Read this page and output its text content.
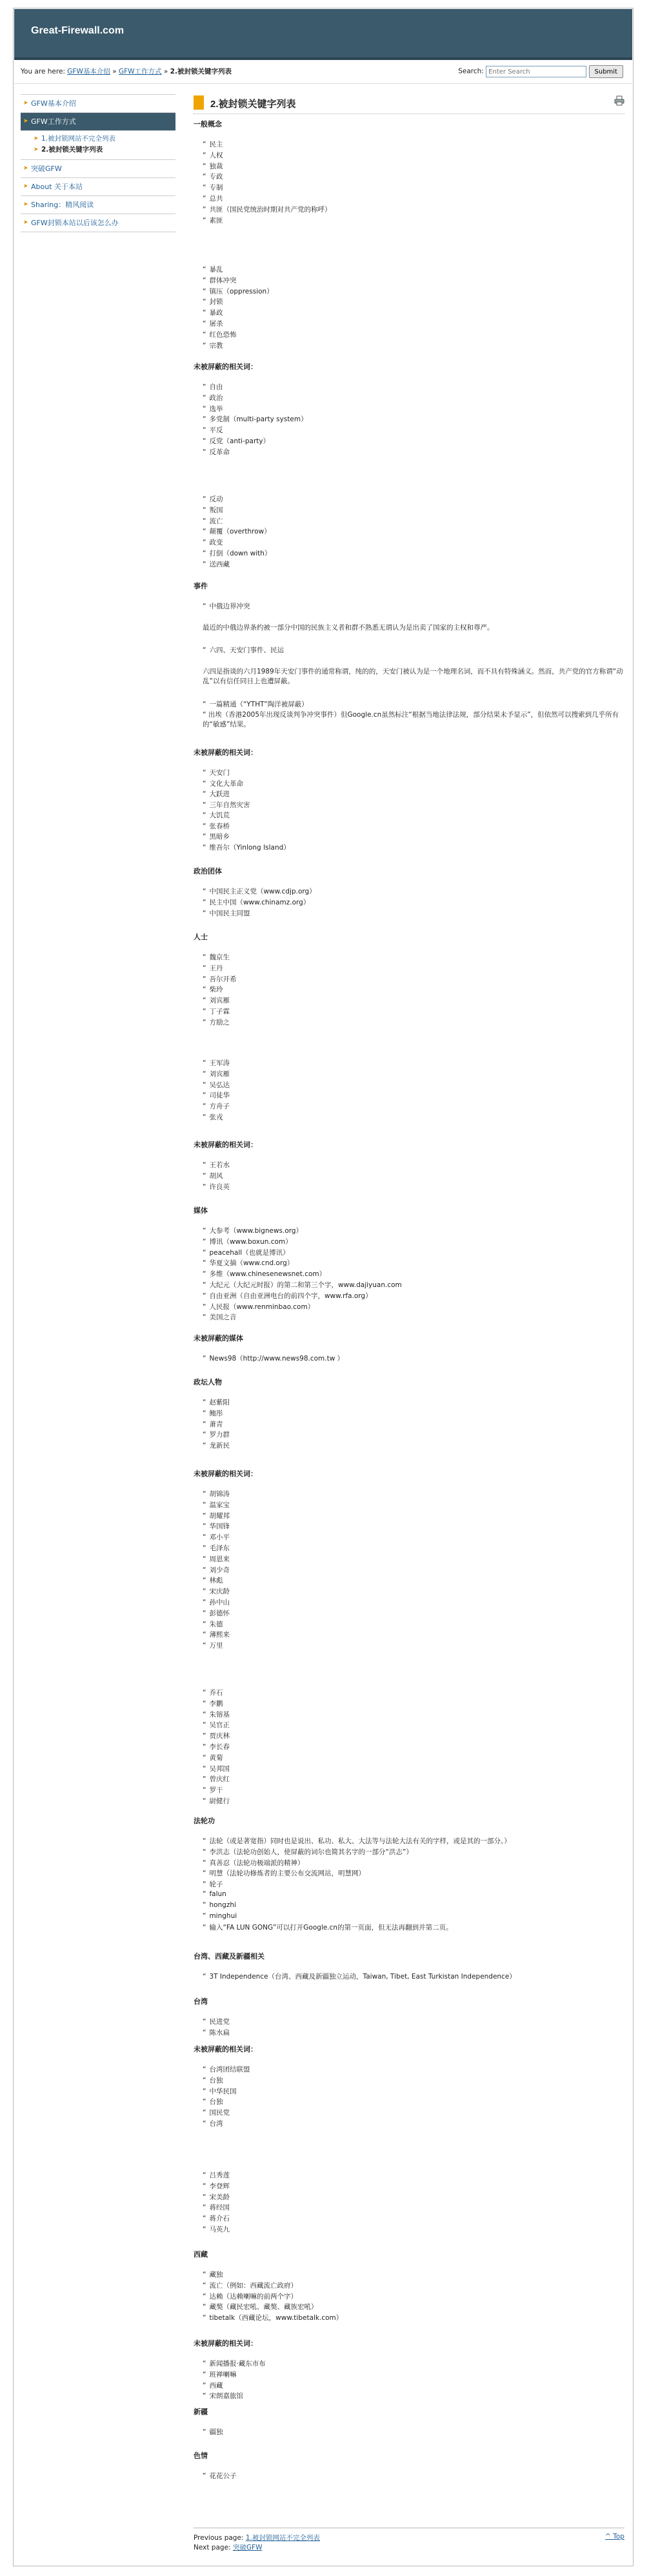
Great-Firewall.com
You are here: GFW基本介绍 » GFW工作方式 » 2.被封锁关键字列表	Search: Enter Search	Submit
➤ GFW基本介绍
➤ GFW工作方式
➤ 1.被封锁网站不完全列表
➤ 2.被封锁关键字列表
➤ 突破GFW
➤ About 关于本站
➤ Sharing：精风阅读
➤ GFW封锁本站以后该怎么办
2.被封锁关键字列表
一般概念
“ 民主
“ 人权
“ 独裁
“ 专政
“ 专制
“ 总共
“ 共匪（国民党统治时期对共产党的称呼）
“ 素匪
“ 暴乱
“ 群体冲突
“ 镇压（oppression）
“ 封锁
“ 暴政
“ 屠杀
“ 红色恐怖
“ 宗教
未被屏蔽的相关词：
“ 自由
“ 政治
“ 选举
“ 多党制（multi-party system）
“ 平反
“ 反党（anti-party）
“ 反革命
“ 反动
“ 叛国
“ 流亡
“ 颠覆（overthrow）
“ 政变
“ 打倒（down with）
“ 送西藏
事件
“ 中俄边界冲突
最近的中俄边界条约被一部分中国的民族主义者和群不熟悉无谓认为是出卖了国家的主权和尊严。
“ 六四、天安门事件、民运
六四是指谈的六月1989年天安门事件的通常称谓，纯的的，天安门被认为是一个地理名词，而不具有特殊涵义。然而，共产党的官方称谓“动乱”以有信任同日上也遭屏蔽。
“ 一篇精通（“YTHT”陶洋被屏蔽）
“ 出埃（香港2005年出现反谈判争冲突事件）但Google.cn虽然标注“根据当地法律法规，部分结果未予显示”，但依然可以搜索到几乎所有的“敏感”结果。
未被屏蔽的相关词：
“ 天安门
“ 文化大革命
“ 大跃进
“ 三年自然灾害
“ 大饥荒
“ 张春桥
“ 黑暗乡
“ 维吾尔（Yinlong Island）
政治团体
“ 中国民主正义党（www.cdjp.org）
“ 民主中国（www.chinamz.org）
“ 中国民主同盟
人士
“ 魏京生
“ 王丹
“ 吾尔开希
“ 柴玲
“ 刘宾雁
“ 丁子霖
“ 方励之
“ 王军涛
“ 刘宾雁
“ 吴弘达
“ 司徒华
“ 方舟子
“ 张戎
未被屏蔽的相关词：
“ 王若水
“ 胡风
“ 许良英
媒体
“ 大参考（www.bignews.org）
“ 博讯（www.boxun.com）
“ peacehall（也就是博讯）
“ 华夏文摘（www.cnd.org）
“ 多维（www.chinesenewsnet.com）
“ 大纪元（大纪元时报）的第二和第三个字，www.dajiyuan.com
“ 自由亚洲（自由亚洲电台的前四个字，www.rfa.org）
“ 人民报（www.renminbao.com）
“ 美国之音
未被屏蔽的媒体
“ News98（http://www.news98.com.tw ）
政坛人物
“ 赵紫阳
“ 鲍彤
“ 萧青
“ 罗力群
“ 龙新民
未被屏蔽的相关词：
“ 胡锦涛
“ 温家宝
“ 胡耀邦
“ 华国锋
“ 邓小平
“ 毛泽东
“ 周恩来
“ 刘少奇
“ 林彪
“ 宋庆龄
“ 孙中山
“ 彭德怀
“ 朱德
“ 薄熙来
“ 万里
“ 乔石
“ 李鹏
“ 朱镕基
“ 吴官正
“ 贾庆林
“ 李长春
“ 黄菊
“ 吴邦国
“ 曾庆红
“ 罗干
“ 尉健行
法轮功
“ 法轮（或是著宽指）同时也是说出、私功、私大、大法等与法轮大法有关的字样，或是其的一部分。）
“ 李洪志（法轮功创始人，使屏蔽的词尔也简其名字的一部分“洪志”）
“ 真善忍（法轮功极端派的精神）
“ 明慧（法轮功修炼者的主要公布交流网站，明慧网）
“ 轮子
“ falun
“ hongzhi
“ minghui
“ 输入“FA LUN GONG”可以打开Google.cn的第一页面，但无法再翻到并第二页。
台湾、西藏及新疆相关
“ 3T Independence（台湾、西藏及新疆独立运动，Taiwan, Tibet, East Turkistan Independence）
台湾
“ 民进党
“ 陈水扁
未被屏蔽的相关词：
“ 台湾团结联盟
“ 台独
“ 中华民国
“ 台独
“ 国民党
“ 台湾
“ 吕秀莲
“ 李登辉
“ 宋美龄
“ 蒋经国
“ 蒋介石
“ 马英九
西藏
“ 藏独
“ 流亡（例如：西藏流亡政府）
“ 达赖（达赖喇嘛的前两个字）
“ 藏獒（藏民宏吼、藏獒、藏族宏吼）
“ tibetalk（西藏论坛，www.tibetalk.com）
未被屏蔽的相关词：
“ 新闻播报·藏东市布
“ 班禅喇嘛
“ 西藏
“ 宋朗嘉旅馆
新疆
“ 疆独
色情
“ 花花公子
Previous page: 1.被封锁网站不完全列表
Next page: 突破GFW
^ Top
